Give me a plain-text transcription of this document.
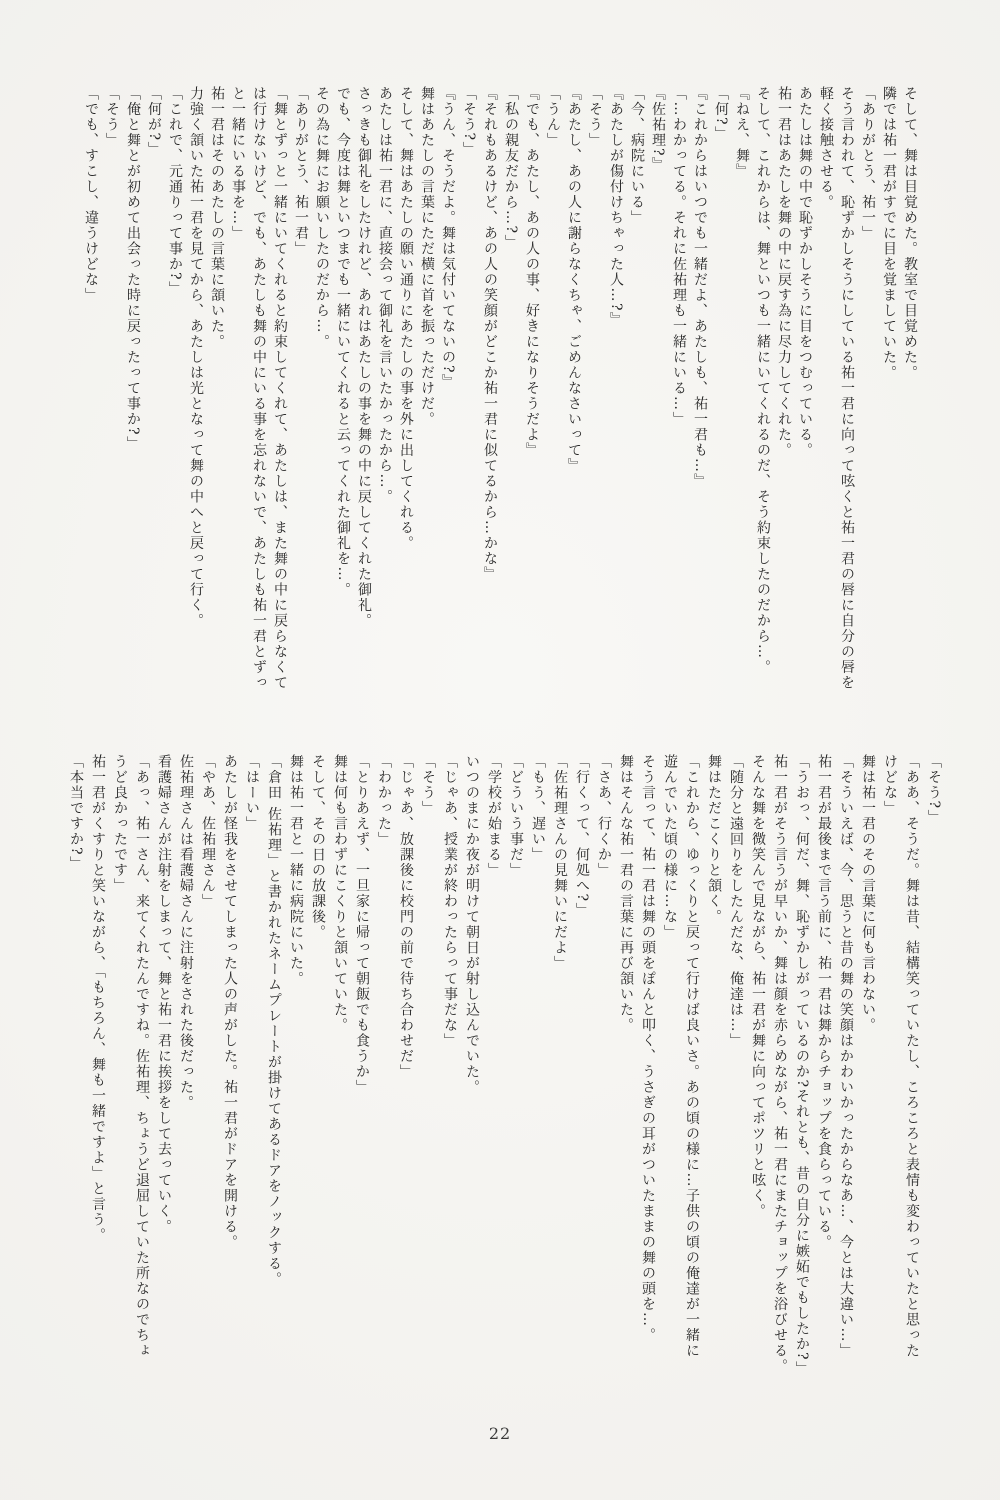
そして、舞は目覚めた。教室で目覚めた。

隣では祐一君がすでに目を覚ましていた。

「ありがとう、祐一」

そう言われて、恥ずかしそうにしている祐一君に向って呟くと祐一君の唇に自分の唇を

軽く接触させる。

あたしは舞の中で恥ずかしそうに目をつむっている。

祐一君はあたしを舞の中に戻す為に尽力してくれた。

そして、これからは、舞といつも一緒にいてくれるのだ、そう約束したのだから…。

『ねえ、舞』

「何?」

『これからはいつでも一緒だよ、あたしも、祐一君も…』

「…わかってる。それに佐祐理も一緒にいる…」

『佐祐理?』

「今、病院にいる」

『あたしが傷付けちゃった人…?』

「そう」

『あたし、あの人に謝らなくちゃ、ごめんなさいって』

「うん」

『でも、あたし、あの人の事、好きになりそうだよ』

「私の親友だから…?」

『それもあるけど、あの人の笑顔がどこか祐一君に似てるから…かな』

「そう?」

『うん、そうだよ。舞は気付いてないの?』

舞はあたしの言葉にただ横に首を振っただけだ。

そして、舞はあたしの願い通りにあたしの事を外に出してくれる。

あたしは祐一君に、直接会って御礼を言いたかったから…。

さっきも御礼をしたけれど、あれはあたしの事を舞の中に戻してくれた御礼。

でも、今度は舞といつまでも一緒にいてくれると云ってくれた御礼を…。

その為に舞にお願いしたのだから…。

「ありがとう、祐一君」

「舞とずっと一緒にいてくれると約束してくれて、あたしは、また舞の中に戻らなくて

は行けないけど、でも、あたしも舞の中にいる事を忘れないで、あたしも祐一君とずっ

と一緒にいる事を…」

祐一君はそのあたしの言葉に頷いた。

力強く頷いた祐一君を見てから、あたしは光となって舞の中へと戻って行く。

「これで、元通りって事か?」

「何が?」

「俺と舞とが初めて出会った時に戻ったって事か?」

「そう」

「でも、すこし、違うけどな」

「そう?」

「ああ、そうだ。舞は昔、結構笑っていたし、ころころと表情も変わっていたと思った

けどな」

舞は祐一君のその言葉に何も言わない。

「そういえば、今、思うと昔の舞の笑顔はかわいかったからなあ…、今とは大違い…」

祐一君が最後まで言う前に、祐一君は舞からチョップを食らっている。

「うおっ、何だ、舞、恥ずかしがっているのか?それとも、昔の自分に嫉妬でもしたか?」

祐一君がそう言うが早いか、舞は顔を赤らめながら、祐一君にまたチョップを浴びせる。

そんな舞を微笑んで見ながら、祐一君が舞に向ってポツリと呟く。

「随分と遠回りをしたんだな、俺達は…」

舞はただこくりと頷く。

「これから、ゆっくりと戻って行けば良いさ。あの頃の様に…子供の頃の俺達が一緒に

遊んでいた頃の様に…な」

そう言って、祐一君は舞の頭をぽんと叩く、うさぎの耳がついたままの舞の頭を…。

舞はそんな祐一君の言葉に再び頷いた。

「さあ、行くか」

「行くって、何処へ?」

「佐祐理さんの見舞いにだよ」

「もう、遅い」

「どういう事だ」

「学校が始まる」

いつのまにか夜が明けて朝日が射し込んでいた。

「じゃあ、授業が終わったらって事だな」

「そう」

「じゃあ、放課後に校門の前で待ち合わせだ」

「わかった」

「とりあえず、一旦家に帰って朝飯でも食うか」

舞は何も言わずにこくりと頷いていた。

そして、その日の放課後。

舞は祐一君と一緒に病院にいた。

「倉田 佐祐理」と書かれたネームプレートが掛けてあるドアをノックする。

「はーい」

あたしが怪我をさせてしまった人の声がした。祐一君がドアを開ける。

「やあ、佐祐理さん」

佐祐理さんは看護婦さんに注射をされた後だった。

看護婦さんが注射をしまって、舞と祐一君に挨拶をして去っていく。

「あっ、祐一さん、来てくれたんですね。佐祐理、ちょうど退屈していた所なのでちょ

うど良かったです」

祐一君がくすりと笑いながら、「もちろん、舞も一緒ですよ」と言う。

「本当ですか?」

22
